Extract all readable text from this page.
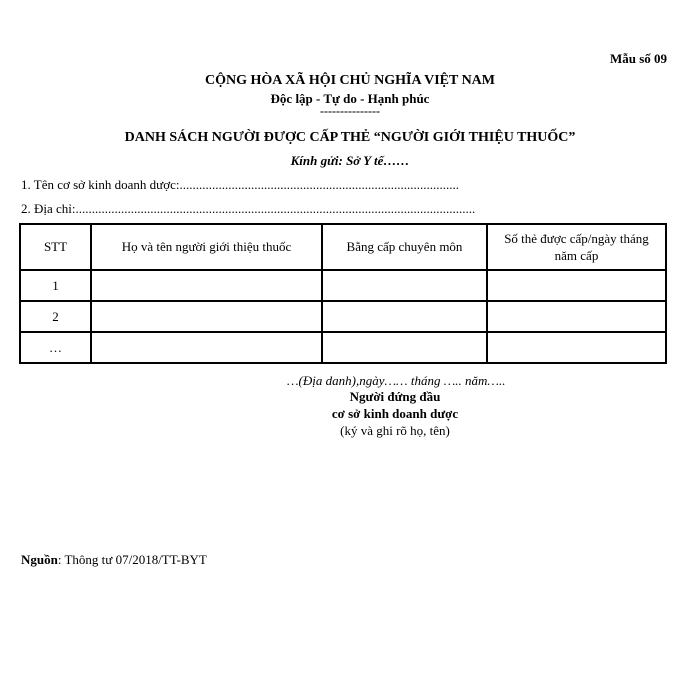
Mẫu số 09
CỘNG HÒA XÃ HỘI CHỦ NGHĨA VIỆT NAM
Độc lập - Tự do - Hạnh phúc
---------------
DANH SÁCH NGƯỜI ĐƯỢC CẤP THẺ “NGƯỜI GIỚI THIỆU THUỐC”
Kính gửi: Sở Y tế……
1. Tên cơ sở kinh doanh dược:......................................................................................
2. Địa chỉ:...........................................................................................................................
STT	Họ và tên người giới thiệu thuốc	Bằng cấp chuyên môn	Số thẻ được cấp/ngày tháng năm cấp
1			
2			
…			
…(Địa danh),ngày…… tháng ….. năm…..
Người đứng đầu
cơ sở kinh doanh dược
(ký và ghi rõ họ, tên)
Nguồn: Thông tư 07/2018/TT-BYT
